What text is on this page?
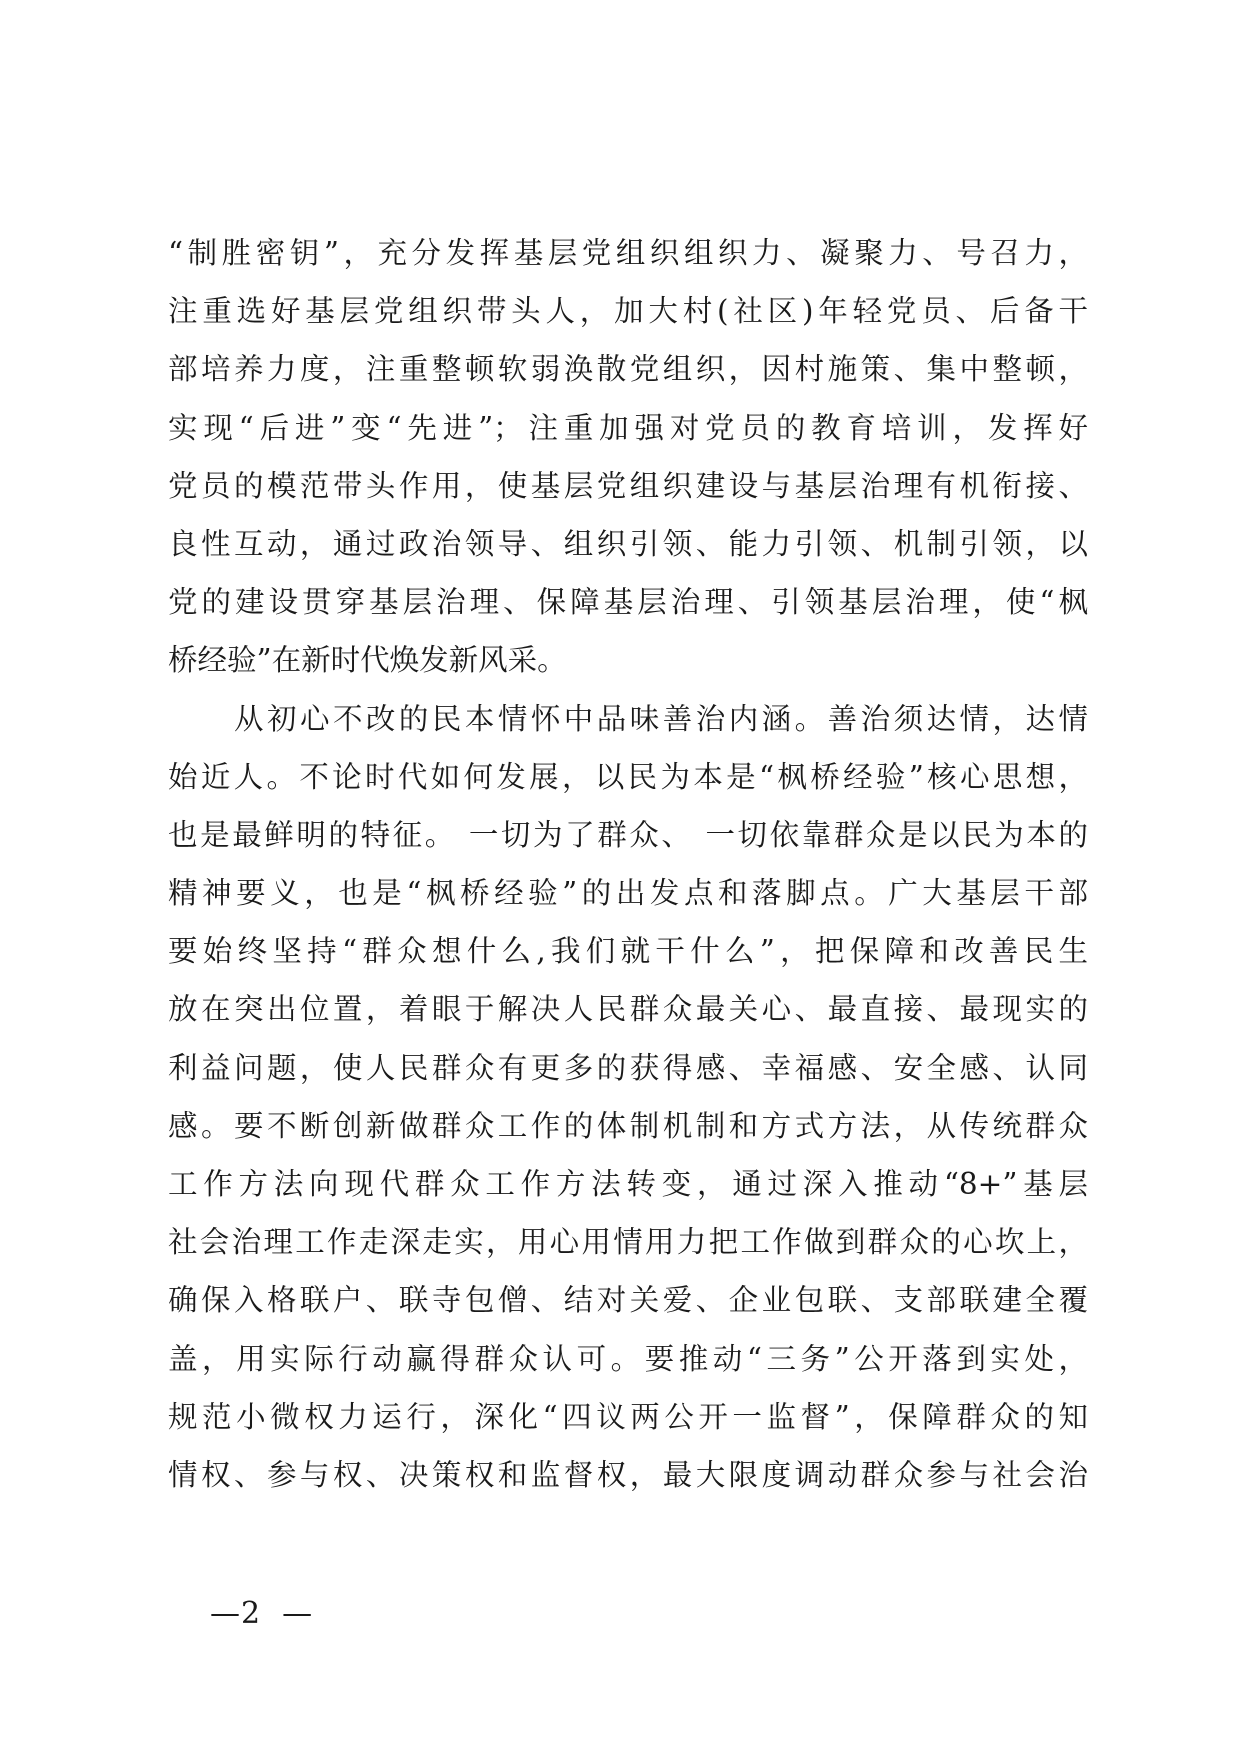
“制胜密钥”，充分发挥基层党组织组织力、凝聚力、号召力，
注重选好基层党组织带头人，加大村(社区)年轻党员、后备干
部培养力度，注重整顿软弱涣散党组织，因村施策、集中整顿，
实现“后进”变“先进”；注重加强对党员的教育培训，发挥好
党员的模范带头作用，使基层党组织建设与基层治理有机衔接、
良性互动，通过政治领导、组织引领、能力引领、机制引领，以
党的建设贯穿基层治理、保障基层治理、引领基层治理，使“枫
桥经验”在新时代焕发新风采。
从初心不改的民本情怀中品味善治内涵。善治须达情，达情
始近人。不论时代如何发展，以民为本是“枫桥经验”核心思想，
也是最鲜明的特征。 一切为了群众、 一切依靠群众是以民为本的
精神要义，也是“枫桥经验”的出发点和落脚点。广大基层干部
要始终坚持“群众想什么,我们就干什么”，把保障和改善民生
放在突出位置，着眼于解决人民群众最关心、最直接、最现实的
利益问题，使人民群众有更多的获得感、幸福感、安全感、认同
感。要不断创新做群众工作的体制机制和方式方法，从传统群众
工作方法向现代群众工作方法转变，通过深入推动“8+”基层
社会治理工作走深走实，用心用情用力把工作做到群众的心坎上，
确保入格联户、联寺包僧、结对关爱、企业包联、支部联建全覆
盖，用实际行动赢得群众认可。要推动“三务”公开落到实处，
规范小微权力运行，深化“四议两公开一监督”，保障群众的知
情权、参与权、决策权和监督权，最大限度调动群众参与社会治
—2  —
